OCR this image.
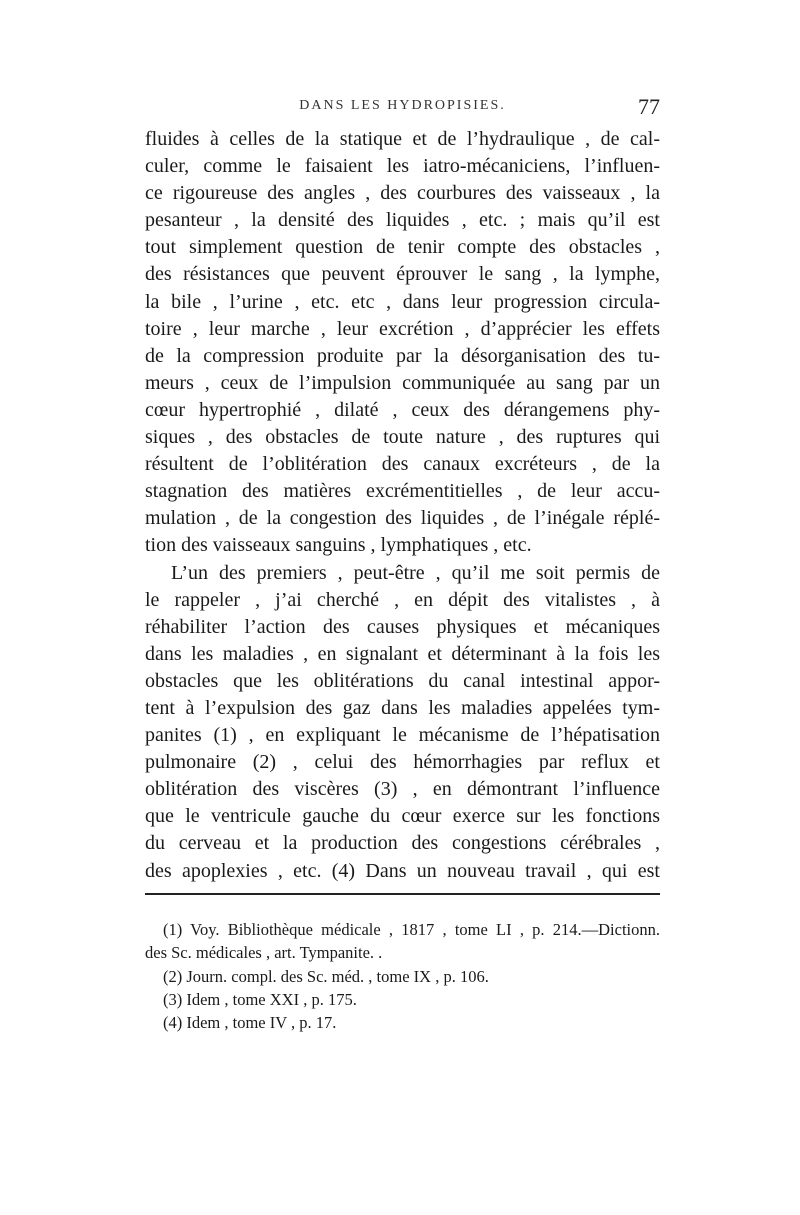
DANS LES HYDROPISIES.	77
fluides à celles de la statique et de l’hydraulique , de cal-
culer, comme le faisaient les iatro-mécaniciens, l’influen-
ce rigoureuse des angles , des courbures des vaisseaux , la
pesanteur , la densité des liquides , etc. ; mais qu’il est
tout simplement question de tenir compte des obstacles ,
des résistances que peuvent éprouver le sang , la lymphe,
la bile , l’urine , etc. etc , dans leur progression circula-
toire , leur marche , leur excrétion , d’apprécier les effets
de la compression produite par la désorganisation des tu-
meurs , ceux de l’impulsion communiquée au sang par un
cœur hypertrophié , dilaté , ceux des dérangemens phy-
siques , des obstacles de toute nature , des ruptures qui
résultent de l’oblitération des canaux excréteurs , de la
stagnation des matières excrémentitielles , de leur accu-
mulation , de la congestion des liquides , de l’inégale réplé-
tion des vaisseaux sanguins , lymphatiques , etc.
L’un des premiers , peut-être , qu’il me soit permis de
le rappeler , j’ai cherché , en dépit des vitalistes , à
réhabiliter l’action des causes physiques et mécaniques
dans les maladies , en signalant et déterminant à la fois les
obstacles que les oblitérations du canal intestinal appor-
tent à l’expulsion des gaz dans les maladies appelées tym-
panites (1) , en expliquant le mécanisme de l’hépatisation
pulmonaire (2) , celui des hémorrhagies par reflux et
oblitération des viscères (3) , en démontrant l’influence
que le ventricule gauche du cœur exerce sur les fonctions
du cerveau et la production des congestions cérébrales ,
des apoplexies , etc. (4) Dans un nouveau travail , qui est
(1) Voy. Bibliothèque médicale , 1817 , tome LI , p. 214.—Dictionn.
des Sc. médicales , art. Tympanite. .
(2) Journ. compl. des Sc. méd. , tome IX , p. 106.
(3) Idem , tome XXI , p. 175.
(4) Idem , tome IV , p. 17.
